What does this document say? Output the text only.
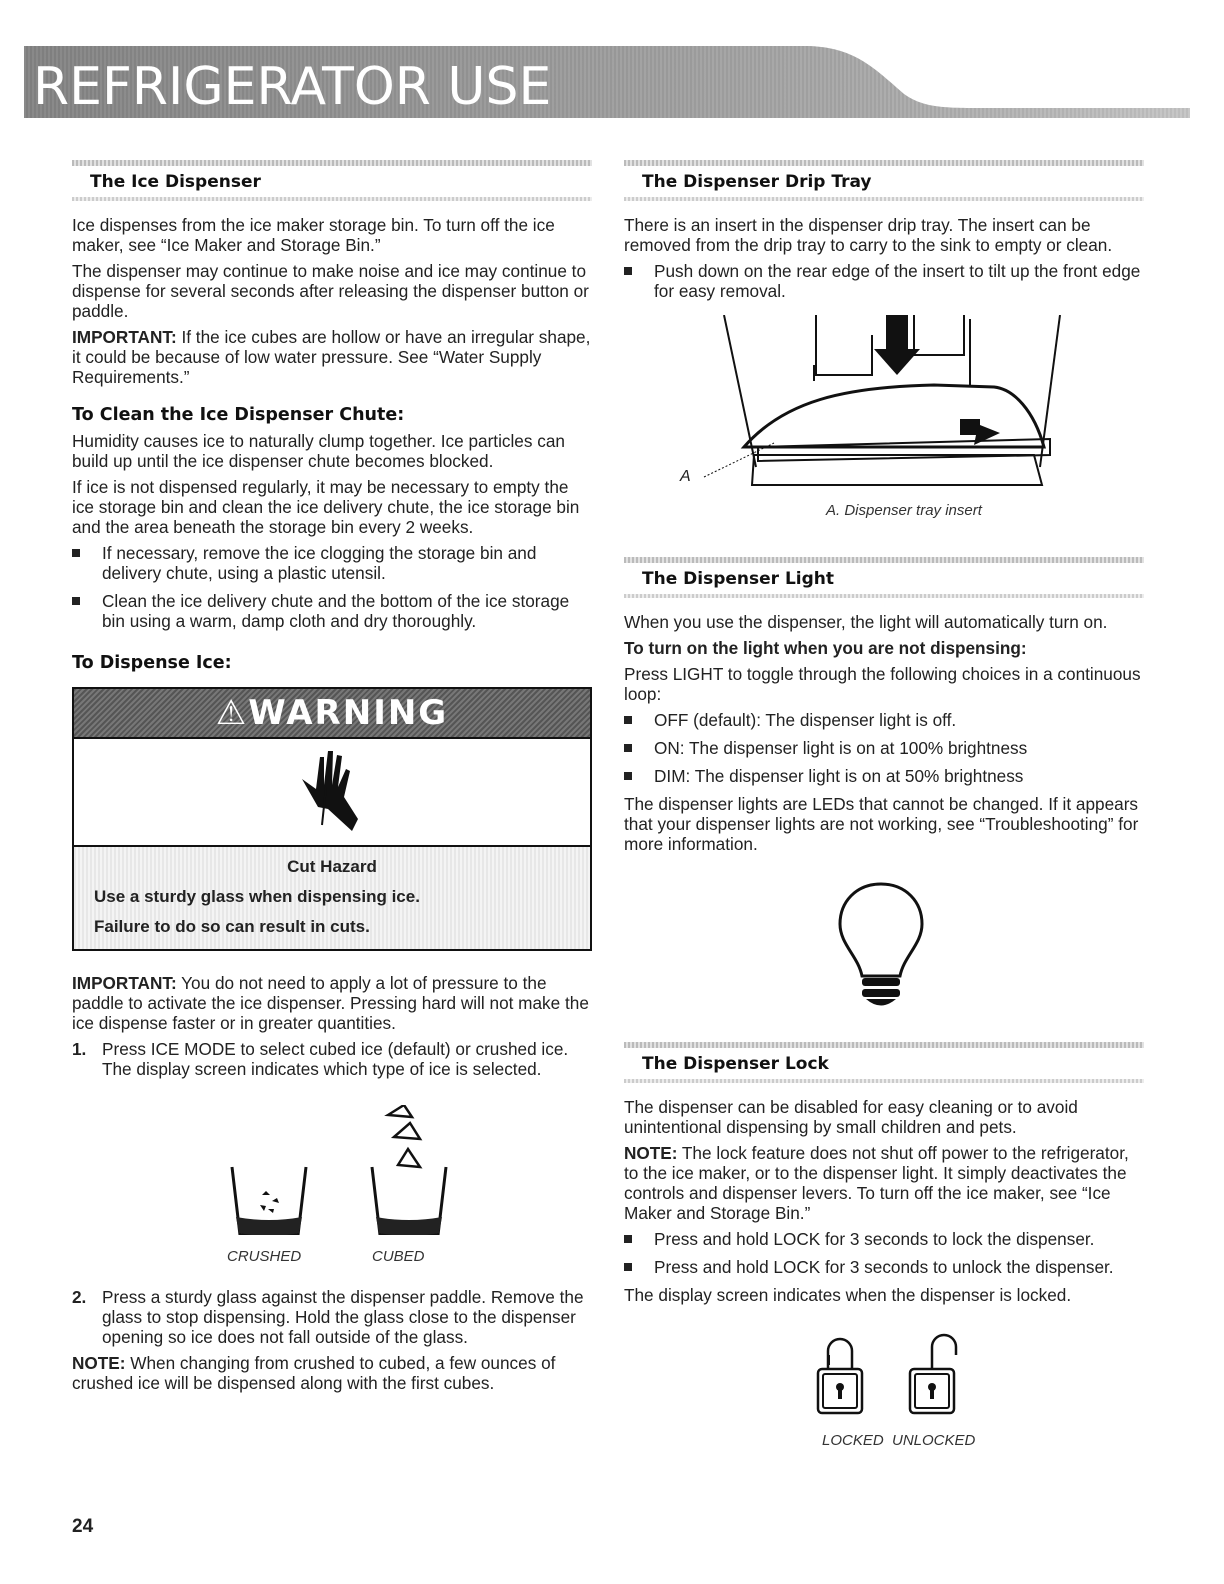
REFRIGERATOR USE
The Ice Dispenser

Ice dispenses from the ice maker storage bin. To turn off the ice maker, see “Ice Maker and Storage Bin.”

The dispenser may continue to make noise and ice may continue to dispense for several seconds after releasing the dispenser button or paddle.

IMPORTANT: If the ice cubes are hollow or have an irregular shape, it could be because of low water pressure. See “Water Supply Requirements.”

To Clean the Ice Dispenser Chute:

Humidity causes ice to naturally clump together. Ice particles can build up until the ice dispenser chute becomes blocked.

If ice is not dispensed regularly, it may be necessary to empty the ice storage bin and clean the ice delivery chute, the ice storage bin and the area beneath the storage bin every 2 weeks.

If necessary, remove the ice clogging the storage bin and delivery chute, using a plastic utensil.
Clean the ice delivery chute and the bottom of the ice storage bin using a warm, damp cloth and dry thoroughly.
To Dispense Ice:
⚠WARNING
Cut Hazard
Use a sturdy glass when dispensing ice.
Failure to do so can result in cuts.

IMPORTANT: You do not need to apply a lot of pressure to the paddle to activate the ice dispenser. Pressing hard will not make the ice dispense faster or in greater quantities.

1. Press ICE MODE to select cubed ice (default) or crushed ice. The display screen indicates which type of ice is selected.
CRUSHED	CUBED
2. Press a sturdy glass against the dispenser paddle. Remove the glass to stop dispensing. Hold the glass close to the dispenser opening so ice does not fall outside of the glass.

NOTE: When changing from crushed to cubed, a few ounces of crushed ice will be dispensed along with the first cubes.

The Dispenser Drip Tray

There is an insert in the dispenser drip tray. The insert can be removed from the drip tray to carry to the sink to empty or clean.

Push down on the rear edge of the insert to tilt up the front edge for easy removal.
A
A. Dispenser tray insert
The Dispenser Light

When you use the dispenser, the light will automatically turn on.

To turn on the light when you are not dispensing:

Press LIGHT to toggle through the following choices in a continuous loop:

OFF (default): The dispenser light is off.
ON: The dispenser light is on at 100% brightness
DIM: The dispenser light is on at 50% brightness

The dispenser lights are LEDs that cannot be changed. If it appears that your dispenser lights are not working, see “Troubleshooting” for more information.

The Dispenser Lock

The dispenser can be disabled for easy cleaning or to avoid unintentional dispensing by small children and pets.

NOTE: The lock feature does not shut off power to the refrigerator, to the ice maker, or to the dispenser light. It simply deactivates the controls and dispenser levers. To turn off the ice maker, see “Ice Maker and Storage Bin.”

Press and hold LOCK for 3 seconds to lock the dispenser.
Press and hold LOCK for 3 seconds to unlock the dispenser.

The display screen indicates when the dispenser is locked.

LOCKED UNLOCKED
24
